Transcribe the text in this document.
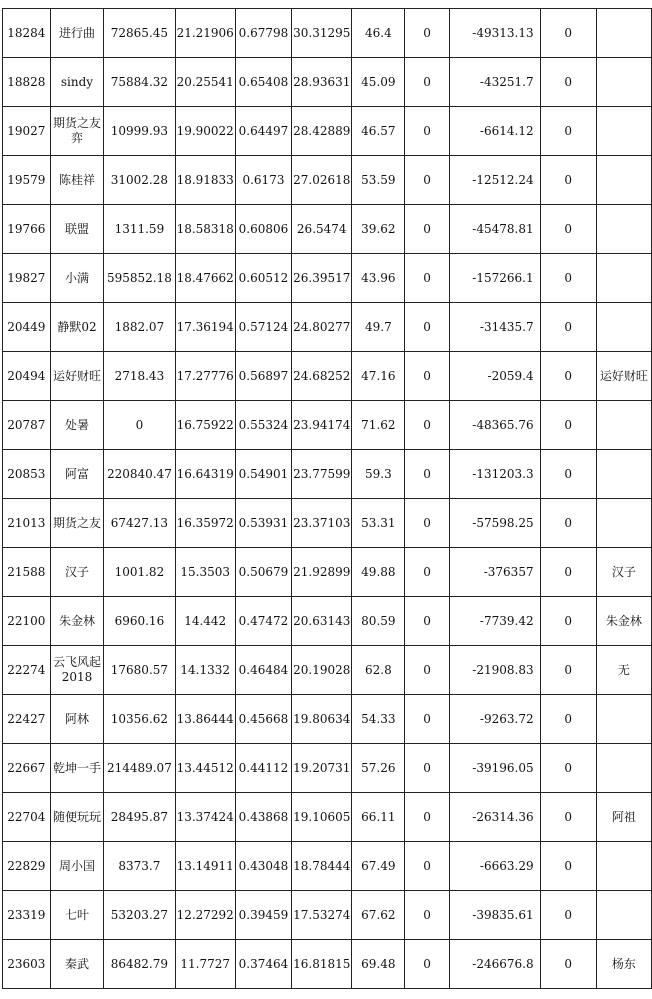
18284	进行曲	72865.45	21.21906	0.67798	30.31295	46.4	0	-49313.13	0	
18828	sindy	75884.32	20.25541	0.65408	28.93631	45.09	0	-43251.7	0	
19027	期货之友弈	10999.93	19.90022	0.64497	28.42889	46.57	0	-6614.12	0	
19579	陈桂祥	31002.28	18.91833	0.6173	27.02618	53.59	0	-12512.24	0	
19766	联盟	1311.59	18.58318	0.60806	26.5474	39.62	0	-45478.81	0	
19827	小满	595852.18	18.47662	0.60512	26.39517	43.96	0	-157266.1	0	
20449	静默02	1882.07	17.36194	0.57124	24.80277	49.7	0	-31435.7	0	
20494	运好财旺	2718.43	17.27776	0.56897	24.68252	47.16	0	-2059.4	0	运好财旺
20787	处暑	0	16.75922	0.55324	23.94174	71.62	0	-48365.76	0	
20853	阿富	220840.47	16.64319	0.54901	23.77599	59.3	0	-131203.3	0	
21013	期货之友	67427.13	16.35972	0.53931	23.37103	53.31	0	-57598.25	0	
21588	汉子	1001.82	15.3503	0.50679	21.92899	49.88	0	-376357	0	汉子
22100	朱金林	6960.16	14.442	0.47472	20.63143	80.59	0	-7739.42	0	朱金林
22274	云飞风起2018	17680.57	14.1332	0.46484	20.19028	62.8	0	-21908.83	0	无
22427	阿林	10356.62	13.86444	0.45668	19.80634	54.33	0	-9263.72	0	
22667	乾坤一手	214489.07	13.44512	0.44112	19.20731	57.26	0	-39196.05	0	
22704	随便玩玩	28495.87	13.37424	0.43868	19.10605	66.11	0	-26314.36	0	阿祖
22829	周小国	8373.7	13.14911	0.43048	18.78444	67.49	0	-6663.29	0	
23319	七叶	53203.27	12.27292	0.39459	17.53274	67.62	0	-39835.61	0	
23603	秦武	86482.79	11.7727	0.37464	16.81815	69.48	0	-246676.8	0	杨东
